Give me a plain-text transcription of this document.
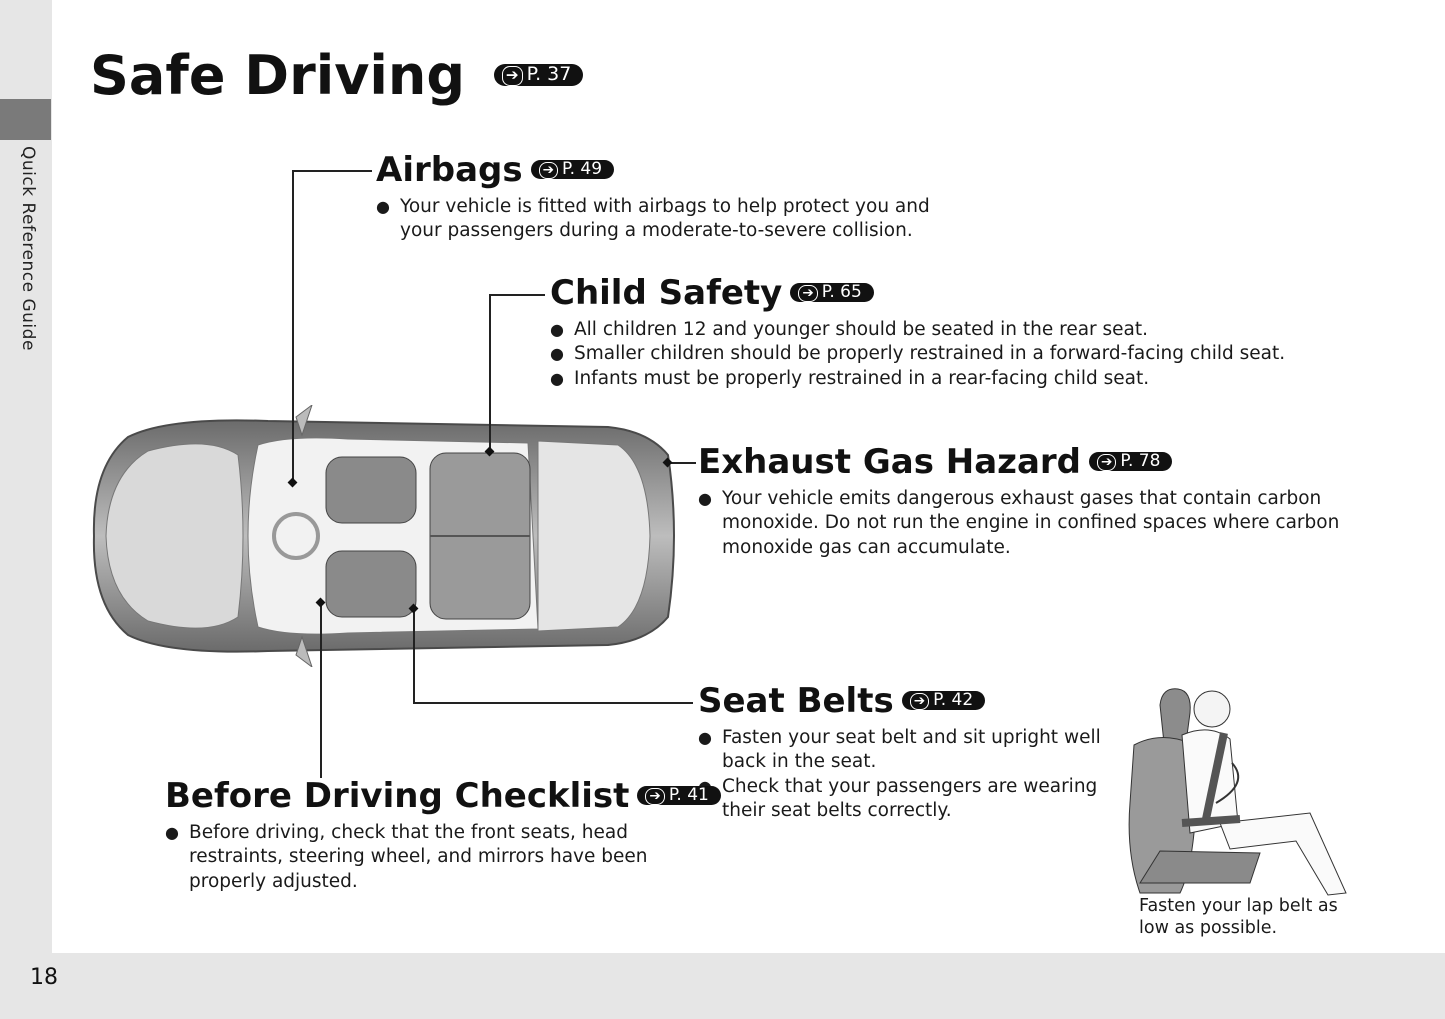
Quick Reference Guide
18
Safe Driving	➔ P. 37
Airbags ➔ P. 49
● Your vehicle is fitted with airbags to help protect you and your passengers during a moderate-to-severe collision.
Child Safety ➔ P. 65
● All children 12 and younger should be seated in the rear seat.
● Smaller children should be properly restrained in a forward-facing child seat.
● Infants must be properly restrained in a rear-facing child seat.
Exhaust Gas Hazard ➔ P. 78
● Your vehicle emits dangerous exhaust gases that contain carbon monoxide. Do not run the engine in confined spaces where carbon monoxide gas can accumulate.
Seat Belts ➔ P. 42
● Fasten your seat belt and sit upright well back in the seat.
● Check that your passengers are wearing their seat belts correctly.
Before Driving Checklist ➔ P. 41
● Before driving, check that the front seats, head restraints, steering wheel, and mirrors have been properly adjusted.
Fasten your lap belt as low as possible.
